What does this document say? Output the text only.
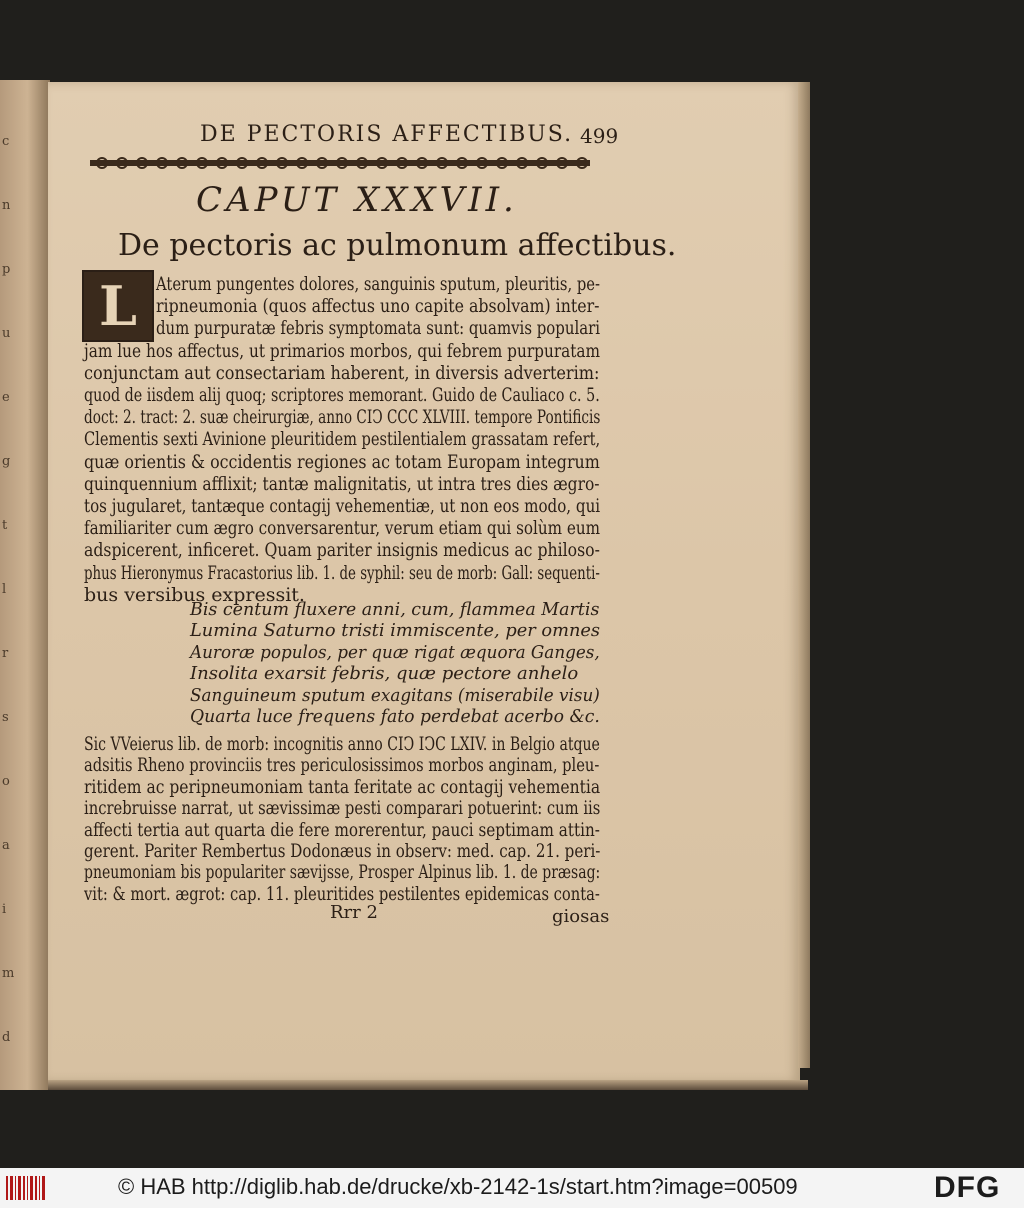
c
n
p
u
e
g
t
l
r
s
o
a
i
m
d
DE PECTORIS AFFECTIBUS. 499
CAPUT XXXVII.
De pectoris ac pulmonum affectibus.
L	Aterum pungentes dolores, sanguinis sputum, pleuritis, pe-
ripneumonia (quos affectus uno capite absolvam) inter-
dum purpuratæ febris symptomata sunt: quamvis populari
jam lue hos affectus, ut primarios morbos, qui febrem purpuratam
conjunctam aut consectariam haberent, in diversis adverterim:
quod de iisdem alij quoq; scriptores memorant. Guido de Cauliaco c. 5.
doct: 2. tract: 2. suæ cheirurgiæ, anno CIↃ CCC XLVIII. tempore Pontificis
Clementis sexti Avinione pleuritidem pestilentialem grassatam refert,
quæ orientis & occidentis regiones ac totam Europam integrum
quinquennium afflixit; tantæ malignitatis, ut intra tres dies ægro-
tos jugularet, tantæque contagij vehementiæ, ut non eos modo, qui
familiariter cum ægro conversarentur, verum etiam qui solùm eum
adspicerent, inficeret. Quam pariter insignis medicus ac philoso-
phus Hieronymus Fracastorius lib. 1. de syphil: seu de morb: Gall: sequenti-
bus versibus expressit.
Bis centum fluxere anni, cum, flammea Martis
Lumina Saturno tristi immiscente, per omnes
Auroræ populos, per quæ rigat æquora Ganges,
Insolita exarsit febris, quæ pectore anhelo
Sanguineum sputum exagitans (miserabile visu)
Quarta luce frequens fato perdebat acerbo &c.
Sic VVeierus lib. de morb: incognitis anno CIↃ IↃC LXIV. in Belgio atque
adsitis Rheno provinciis tres periculosissimos morbos anginam, pleu-
ritidem ac peripneumoniam tanta feritate ac contagij vehementia
increbruisse narrat, ut sævissimæ pesti comparari potuerint: cum iis
affecti tertia aut quarta die fere morerentur, pauci septimam attin-
gerent. Pariter Rembertus Dodonæus in observ: med. cap. 21. peri-
pneumoniam bis populariter sævijsse, Prosper Alpinus lib. 1. de præsag:
vit: & mort. ægrot: cap. 11. pleuritides pestilentes epidemicas conta-
Rrr 2	giosas
© HAB http://diglib.hab.de/drucke/xb-2142-1s/start.htm?image=00509	DFG
